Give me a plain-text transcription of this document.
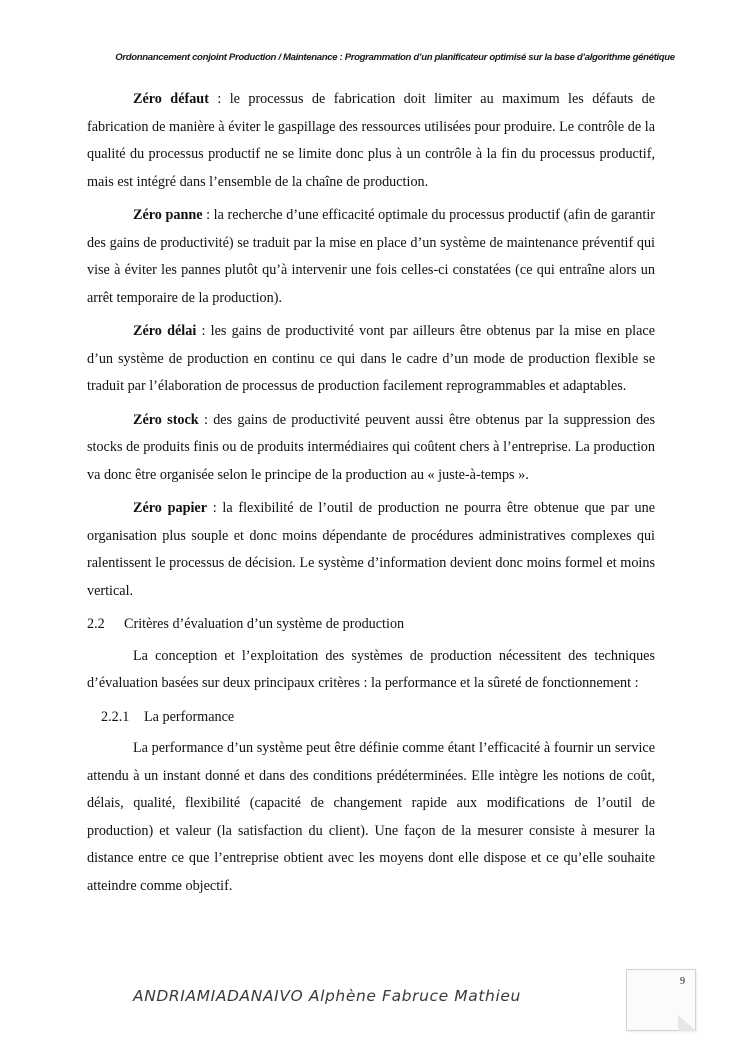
Ordonnancement conjoint Production / Maintenance : Programmation d’un planificateur optimisé sur la base d’algorithme génétique

Zéro défaut : le processus de fabrication doit limiter au maximum les défauts de fabrication de manière à éviter le gaspillage des ressources utilisées pour produire. Le contrôle de la qualité du processus productif ne se limite donc plus à un contrôle à la fin du processus productif, mais est intégré dans l’ensemble de la chaîne de production.

Zéro panne : la recherche d’une efficacité optimale du processus productif (afin de garantir des gains de productivité) se traduit par la mise en place d’un système de maintenance préventif qui vise à éviter les pannes plutôt qu’à intervenir une fois celles-ci constatées (ce qui entraîne alors un arrêt temporaire de la production).

Zéro délai : les gains de productivité vont par ailleurs être obtenus par la mise en place d’un système de production en continu ce qui dans le cadre d’un mode de production flexible se traduit par l’élaboration de processus de production facilement reprogrammables et adaptables.

Zéro stock : des gains de productivité peuvent aussi être obtenus par la suppression des stocks de produits finis ou de produits intermédiaires qui coûtent chers à l’entreprise. La production va donc être organisée selon le principe de la production au « juste-à-temps ».

Zéro papier : la flexibilité de l’outil de production ne pourra être obtenue que par une organisation plus souple et donc moins dépendante de procédures administratives complexes qui ralentissent le processus de décision. Le système d’information devient donc moins formel et moins vertical.

2.2	Critères d’évaluation d’un système de production

La conception et l’exploitation des systèmes de production nécessitent des techniques d’évaluation basées sur deux principaux critères : la performance et la sûreté de fonctionnement :

2.2.1	La performance

La performance d’un système peut être définie comme étant l’efficacité à fournir un service attendu à un instant donné et dans des conditions prédéterminées. Elle intègre les notions de coût, délais, qualité, flexibilité (capacité de changement rapide aux modifications de l’outil de production) et valeur (la satisfaction du client). Une façon de la mesurer consiste à mesurer la distance entre ce que l’entreprise obtient avec les moyens dont elle dispose et ce qu’elle souhaite atteindre comme objectif.

9
ANDRIAMIADANAIVO Alphène Fabruce Mathieu
